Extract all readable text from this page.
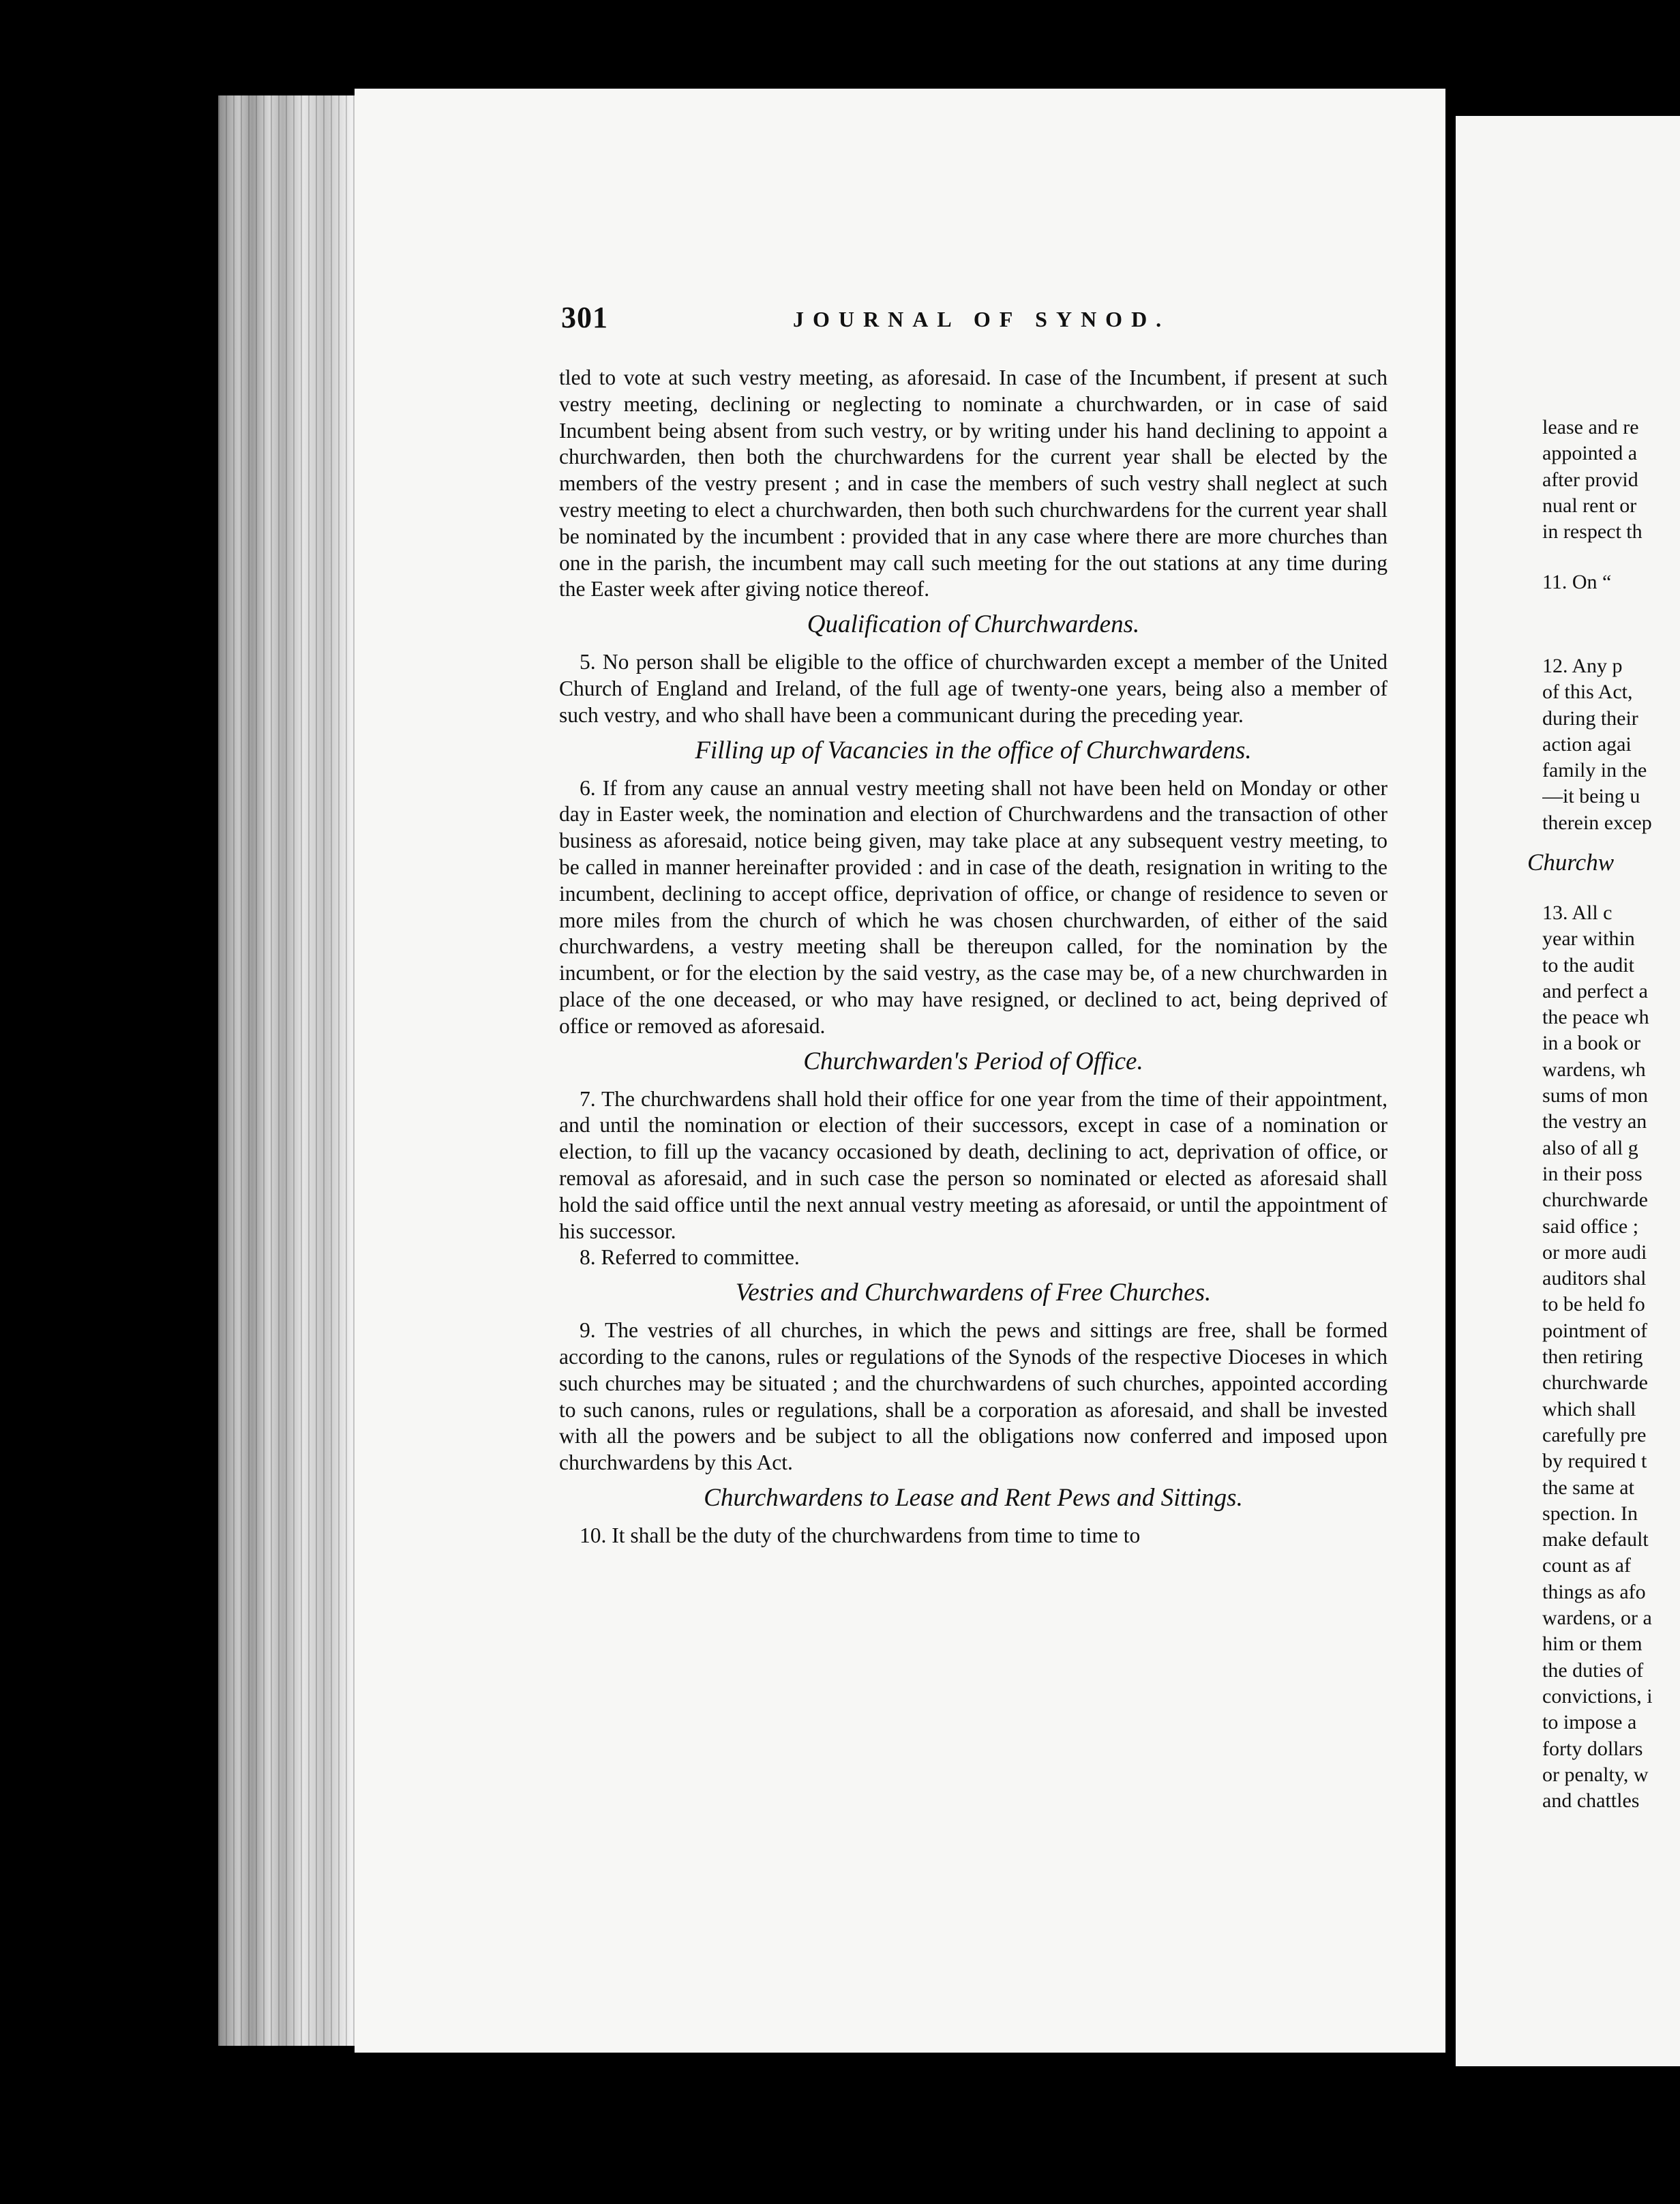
301	JOURNAL OF SYNOD.

tled to vote at such vestry meeting, as aforesaid. In case of the Incumbent, if present at such vestry meeting, declining or neglecting to nominate a churchwarden, or in case of said Incumbent being absent from such vestry, or by writing under his hand declining to appoint a churchwarden, then both the churchwardens for the current year shall be elected by the members of the vestry present ; and in case the members of such vestry shall neglect at such vestry meeting to elect a churchwarden, then both such churchwardens for the current year shall be nominated by the incumbent : provided that in any case where there are more churches than one in the parish, the incumbent may call such meeting for the out stations at any time during the Easter week after giving notice thereof.

Qualification of Churchwardens.

5. No person shall be eligible to the office of churchwarden except a member of the United Church of England and Ireland, of the full age of twenty-one years, being also a member of such vestry, and who shall have been a communicant during the preceding year.

Filling up of Vacancies in the office of Churchwardens.

6. If from any cause an annual vestry meeting shall not have been held on Monday or other day in Easter week, the nomination and election of Churchwardens and the transaction of other business as aforesaid, notice being given, may take place at any subsequent vestry meeting, to be called in manner hereinafter provided : and in case of the death, resignation in writing to the incumbent, declining to accept office, deprivation of office, or change of residence to seven or more miles from the church of which he was chosen churchwarden, of either of the said churchwardens, a vestry meeting shall be thereupon called, for the nomination by the incumbent, or for the election by the said vestry, as the case may be, of a new churchwarden in place of the one deceased, or who may have resigned, or declined to act, being deprived of office or removed as aforesaid.

Churchwarden's Period of Office.

7. The churchwardens shall hold their office for one year from the time of their appointment, and until the nomination or election of their successors, except in case of a nomination or election, to fill up the vacancy occasioned by death, declining to act, deprivation of office, or removal as aforesaid, and in such case the person so nominated or elected as aforesaid shall hold the said office until the next annual vestry meeting as aforesaid, or until the appointment of his successor.

8. Referred to committee.

Vestries and Churchwardens of Free Churches.

9. The vestries of all churches, in which the pews and sittings are free, shall be formed according to the canons, rules or regulations of the Synods of the respective Dioceses in which such churches may be situated ; and the churchwardens of such churches, appointed according to such canons, rules or regulations, shall be a corporation as aforesaid, and shall be invested with all the powers and be subject to all the obligations now conferred and imposed upon churchwardens by this Act.

Churchwardens to Lease and Rent Pews and Sittings.

10. It shall be the duty of the churchwardens from time to time to

lease and re
appointed a
after provid
nual rent or
in respect th
11. On “
12. Any p
of this Act,
during their
action agai
family in the
—it being u
therein excep
Churchw
13. All c
year within
to the audit
and perfect a
the peace wh
in a book or
wardens, wh
sums of mon
the vestry an
also of all g
in their poss
churchwarde
said office ;
or more audi
auditors shal
to be held fo
pointment of
then retiring
churchwarde
which shall
carefully pre
by required t
the same at
spection. In
make default
count as af
things as afo
wardens, or a
him or them
the duties of
convictions, i
to impose a
forty dollars
or penalty, w
and chattles
